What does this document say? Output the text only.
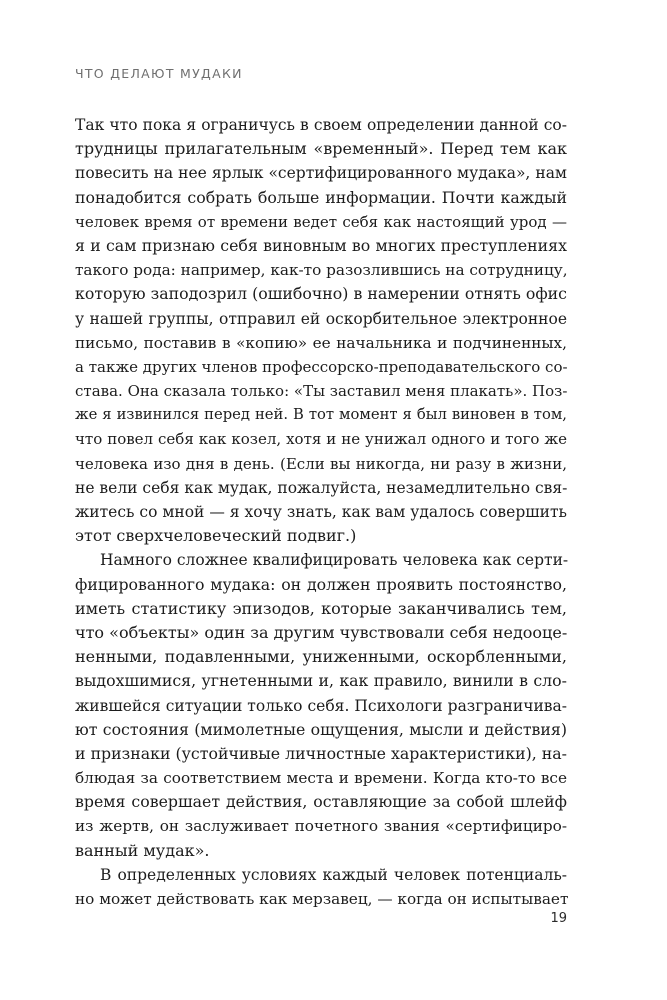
ЧТО ДЕЛАЮТ МУДАКИ
Так что пока я ограничусь в своем определении данной со-
трудницы прилагательным «временный». Перед тем как
повесить на нее ярлык «сертифицированного мудака», нам
понадобится собрать больше информации. Почти каждый
человек время от времени ведет себя как настоящий урод —
я и сам признаю себя виновным во многих преступлениях
такого рода: например, как-то разозлившись на сотрудницу,
которую заподозрил (ошибочно) в намерении отнять офис
у нашей группы, отправил ей оскорбительное электронное
письмо, поставив в «копию» ее начальника и подчиненных,
а также других членов профессорско-преподавательского со-
става. Она сказала только: «Ты заставил меня плакать». Поз-
же я извинился перед ней. В тот момент я был виновен в том,
что повел себя как козел, хотя и не унижал одного и того же
человека изо дня в день. (Если вы никогда, ни разу в жизни,
не вели себя как мудак, пожалуйста, незамедлительно свя-
житесь со мной — я хочу знать, как вам удалось совершить
этот сверхчеловеческий подвиг.)
Намного сложнее квалифицировать человека как серти-
фицированного мудака: он должен проявить постоянство,
иметь статистику эпизодов, которые заканчивались тем,
что «объекты» один за другим чувствовали себя недооце-
ненными, подавленными, униженными, оскорбленными,
выдохшимися, угнетенными и, как правило, винили в сло-
жившейся ситуации только себя. Психологи разграничива-
ют состояния (мимолетные ощущения, мысли и действия)
и признаки (устойчивые личностные характеристики), на-
блюдая за соответствием места и времени. Когда кто-то все
время совершает действия, оставляющие за собой шлейф
из жертв, он заслуживает почетного звания «сертифициро-
ванный мудак».
В определенных условиях каждый человек потенциаль-
но может действовать как мерзавец, — когда он испытывает
19
